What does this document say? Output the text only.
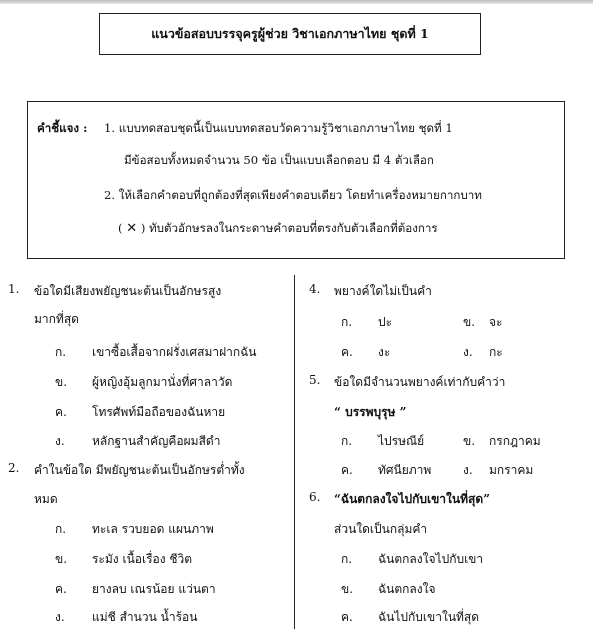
แนวข้อสอบบรรจุครูผู้ช่วย วิชาเอกภาษาไทย ชุดที่ 1
คำชี้แจง : 1. แบบทดสอบชุดนี้เป็นแบบทดสอบวัดความรู้วิชาเอกภาษาไทย ชุดที่ 1
มีข้อสอบทั้งหมดจำนวน 50 ข้อ เป็นแบบเลือกตอบ มี 4 ตัวเลือก
2. ให้เลือกคำตอบที่ถูกต้องที่สุดเพียงคำตอบเดียว โดยทำเครื่องหมายกากบาท
( ✕ ) ทับตัวอักษรลงในกระดาษคำตอบที่ตรงกับตัวเลือกที่ต้องการ
1. ข้อใดมีเสียงพยัญชนะต้นเป็นอักษรสูง
มากที่สุด
ก. เขาซื้อเสื้อจากฝรั่งเศสมาฝากฉัน
ข. ผู้หญิงอุ้มลูกมานั่งที่ศาลาวัด
ค. โทรศัพท์มือถือของฉันหาย
ง. หลักฐานสำคัญคือผมสีดำ
2. คำในข้อใด มีพยัญชนะต้นเป็นอักษรต่ำทั้ง
หมด
ก. ทะเล รวบยอด แผนภาพ
ข. ระมัง เนื้อเรื่อง ชีวิต
ค. ยางลบ เณรน้อย แว่นตา
ง. แม่ชี สำนวน น้ำร้อน
4. พยางค์ใดไม่เป็นคำ
ก. ปะ	ข. จะ
ค. งะ	ง. กะ
5. ข้อใดมีจำนวนพยางค์เท่ากับคำว่า
“ บรรพบุรุษ ”
ก. ไปรษณีย์	ข. กรกฎาคม
ค. ทัศนียภาพ	ง. มกราคม
6. “ฉันตกลงใจไปกับเขาในที่สุด”
ส่วนใดเป็นกลุ่มคำ
ก. ฉันตกลงใจไปกับเขา
ข. ฉันตกลงใจ
ค. ฉันไปกับเขาในที่สุด
